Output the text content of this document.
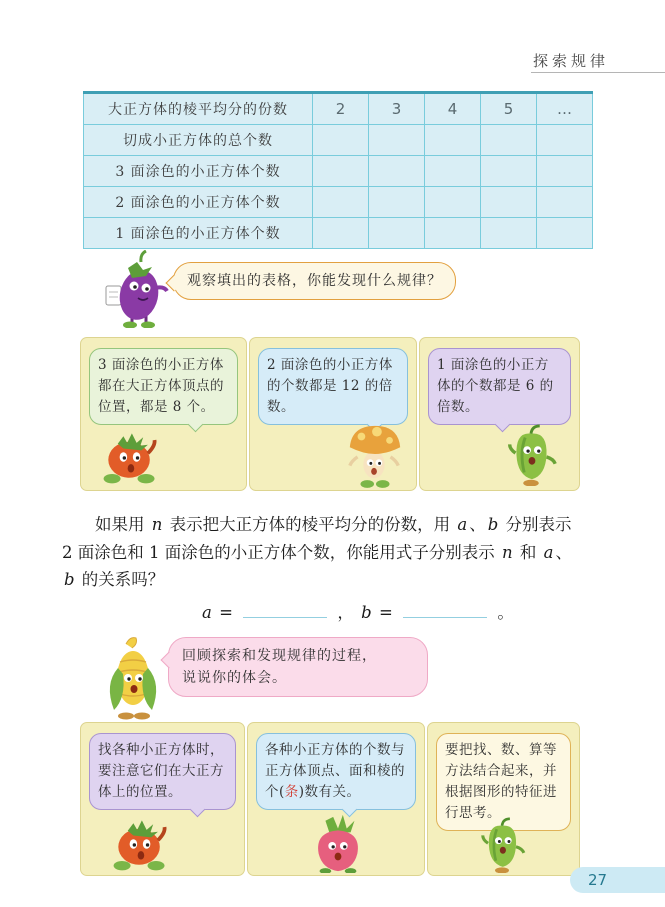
探索规律
大正方体的棱平均分的份数	2	3	4	5	…
切成小正方体的总个数					
3 面涂色的小正方体个数					
2 面涂色的小正方体个数					
1 面涂色的小正方体个数					
观察填出的表格，你能发现什么规律？
3 面涂色的小正方体都在大正方体顶点的位置，都是 8 个。
2 面涂色的小正方体的个数都是 12 的倍数。
1 面涂色的小正方体的个数都是 6 的倍数。
如果用 n 表示把大正方体的棱平均分的份数，用 a 、 b 分别表示
2 面涂色和 1 面涂色的小正方体个数，你能用式子分别表示 n 和 a 、
b 的关系吗？
a =	， b =	。
回顾探索和发现规律的过程，
说说你的体会。
找各种小正方体时，要注意它们在大正方体上的位置。
各种小正方体的个数与正方体顶点、面和棱的个(条)数有关。
要把找、数、算等方法结合起来，并根据图形的特征进行思考。
27
